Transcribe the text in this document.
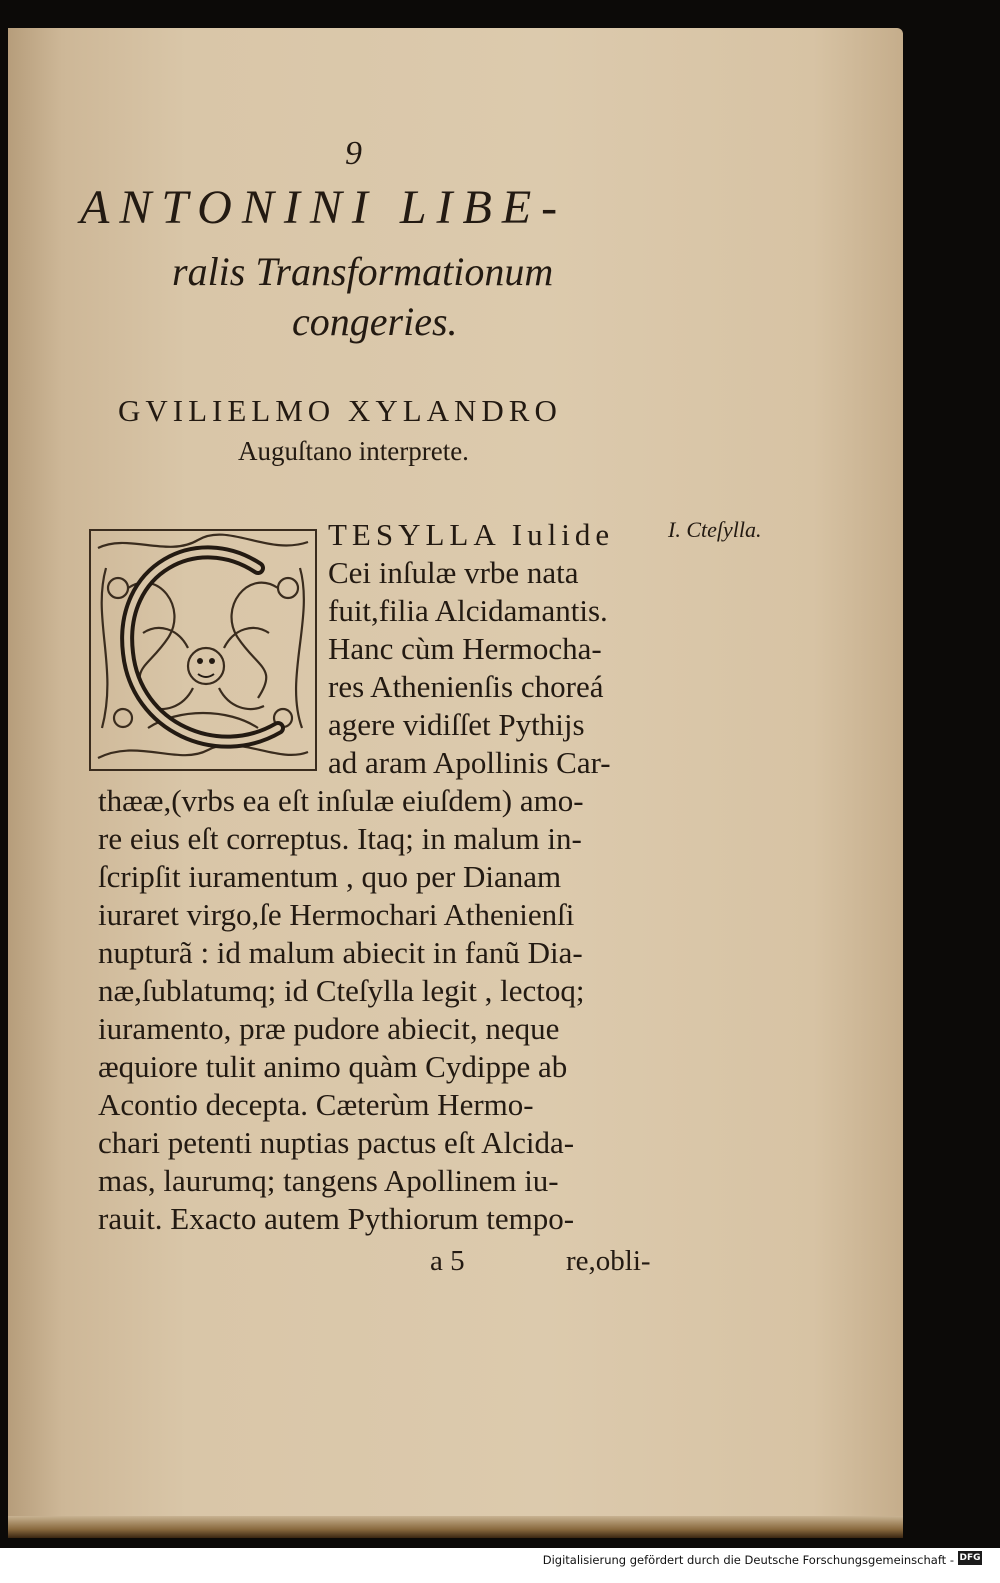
9
ANTONINI LIBE-
ralis Transformationum
congeries.
GVILIELMO XYLANDRO
Auguſtano interprete.
I. Cteſylla.
TESYLLA Iulide
Cei inſulæ vrbe nata
fuit,filia Alcidamantis.
Hanc cùm Hermocha-
res Athenienſis choreá
agere vidiſſet Pythijs
ad aram Apollinis Car-
thææ,(vrbs ea eſt inſulæ eiuſdem) amo-
re eius eſt correptus. Itaq; in malum in-
ſcripſit iuramentum , quo per Dianam
iuraret virgo,ſe Hermochari Athenienſi
nupturã : id malum abiecit in fanũ Dia-
næ,ſublatumq; id Cteſylla legit , lectoq;
iuramento, præ pudore abiecit, neque
æquiore tulit animo quàm Cydippe ab
Acontio decepta. Cæterùm Hermo-
chari petenti nuptias pactus eſt Alcida-
mas, laurumq; tangens Apollinem iu-
rauit. Exacto autem Pythiorum tempo-
a 5	re,obli-
Digitalisierung gefördert durch die Deutsche Forschungsgemeinschaft - DFG
